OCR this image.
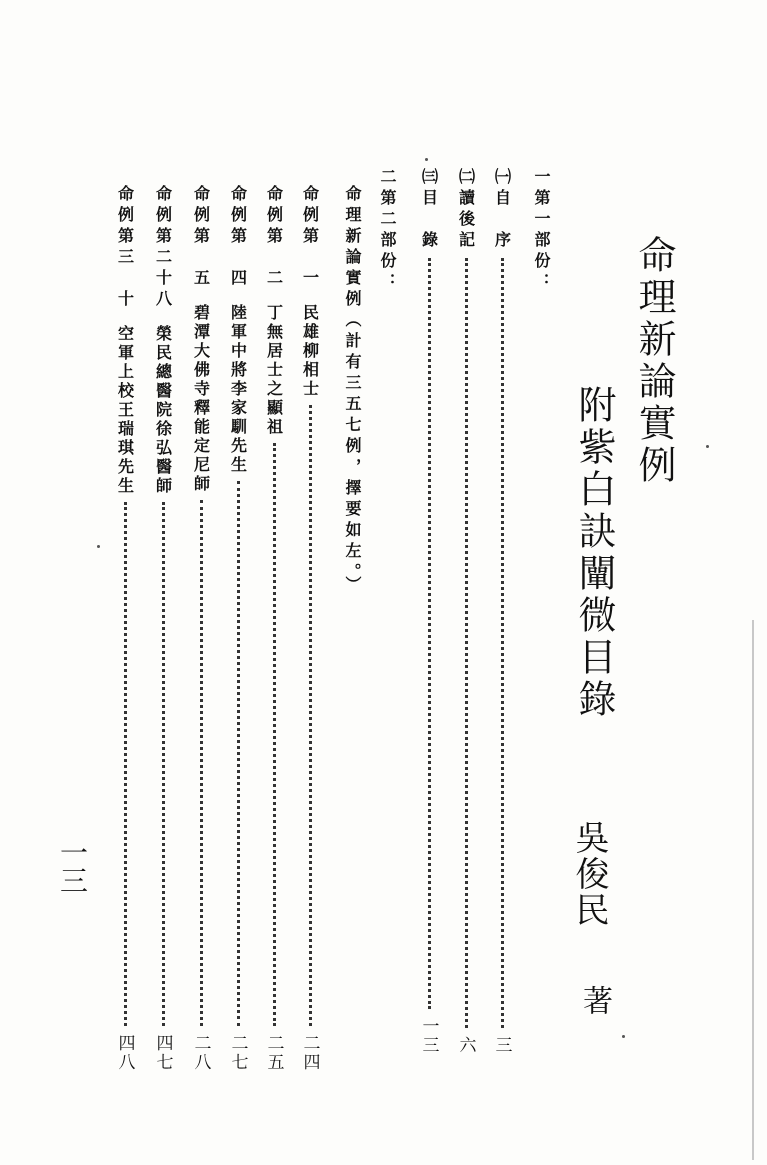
命理新論實例
附紫白訣闡微目錄
吳俊民
著
一第一部份：
㈠自　序
三
㈡讀後記
六
㈢目　錄
一三
二第二部份：
命理新論實例（計有三五七例，擇要如左。）
命例第　一
民雄柳相士
二四
命例第　二
丁無居士之顯祖
二五
命例第　四
陸軍中將李家馴先生
二七
命例第　五
碧潭大佛寺釋能定尼師
二八
命例第二十八
榮民總醫院徐弘醫師
四七
命例第三　十
空軍上校王瑞琪先生
四八
一三
